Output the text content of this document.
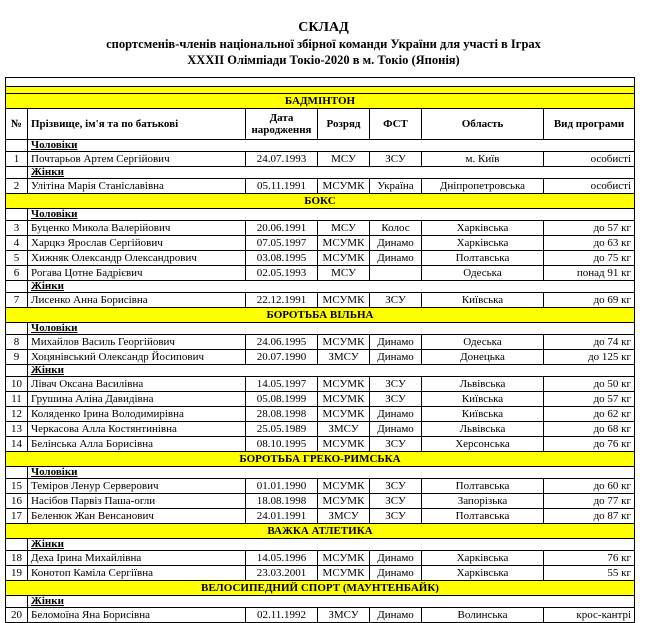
СКЛАД
спортсменів-членів національної збірної команди України для участі в Іграх
XXXII Олімпіади Токіо-2020 в м. Токіо (Японія)

БАДМІНТОН						
№	Прізвище, ім'я та по батькові	Дата народження	Розряд	ФСТ	Область	Вид програми
	Чоловіки					
1	Почтарьов Артем Сергійович	24.07.1993	МСУ	ЗСУ	м. Київ	особисті
	Жінки					
2	Улітіна Марія Станіславівна	05.11.1991	МСУМК	Україна	Дніпропетровська	особисті
БОКС						
	Чоловіки					
3	Буценко Микола Валерійович	20.06.1991	МСУ	Колос	Харківська	до 57 кг
4	Харцкз Ярослав Сергійович	07.05.1997	МСУМК	Динамо	Харківська	до 63 кг
5	Хижняк Олександр Олександрович	03.08.1995	МСУМК	Динамо	Полтавська	до 75 кг
6	Рогава Цотне Бадрієвич	02.05.1993	МСУ		Одеська	понад 91 кг
	Жінки					
7	Лисенко Анна Борисівна	22.12.1991	МСУМК	ЗСУ	Київська	до 69 кг
БОРОТЬБА ВІЛЬНА						
	Чоловіки					
8	Михайлов Василь Георгійович	24.06.1995	МСУМК	Динамо	Одеська	до 74 кг
9	Хоцянівський Олександр Йосипович	20.07.1990	ЗМСУ	Динамо	Донецька	до 125 кг
	Жінки					
10	Лівач Оксана Василівна	14.05.1997	МСУМК	ЗСУ	Львівська	до 50 кг
11	Грушина Аліна Давидівна	05.08.1999	МСУМК	ЗСУ	Київська	до 57 кг
12	Коляденко Ірина Володимирівна	28.08.1998	МСУМК	Динамо	Київська	до 62 кг
13	Черкасова Алла Костянтинівна	25.05.1989	ЗМСУ	Динамо	Львівська	до 68 кг
14	Белінська Алла Борисівна	08.10.1995	МСУМК	ЗСУ	Херсонська	до 76 кг
БОРОТЬБА ГРЕКО-РИМСЬКА						
	Чоловіки					
15	Теміров Ленур Серверович	01.01.1990	МСУМК	ЗСУ	Полтавська	до 60 кг
16	Насібов Парвіз Паша-огли	18.08.1998	МСУМК	ЗСУ	Запорізька	до 77 кг
17	Беленюк Жан Венсанович	24.01.1991	ЗМСУ	ЗСУ	Полтавська	до 87 кг
ВАЖКА АТЛЕТИКА						
	Жінки					
18	Деха Ірина Михайлівна	14.05.1996	МСУМК	Динамо	Харківська	76 кг
19	Конотоп Каміла Сергіївна	23.03.2001	МСУМК	Динамо	Харківська	55 кг
ВЕЛОСИПЕДНИЙ СПОРТ (МАУНТЕНБАЙК)						
	Жінки					
20	Беломоїна Яна Борисівна	02.11.1992	ЗМСУ	Динамо	Волинська	крос-кантрі
